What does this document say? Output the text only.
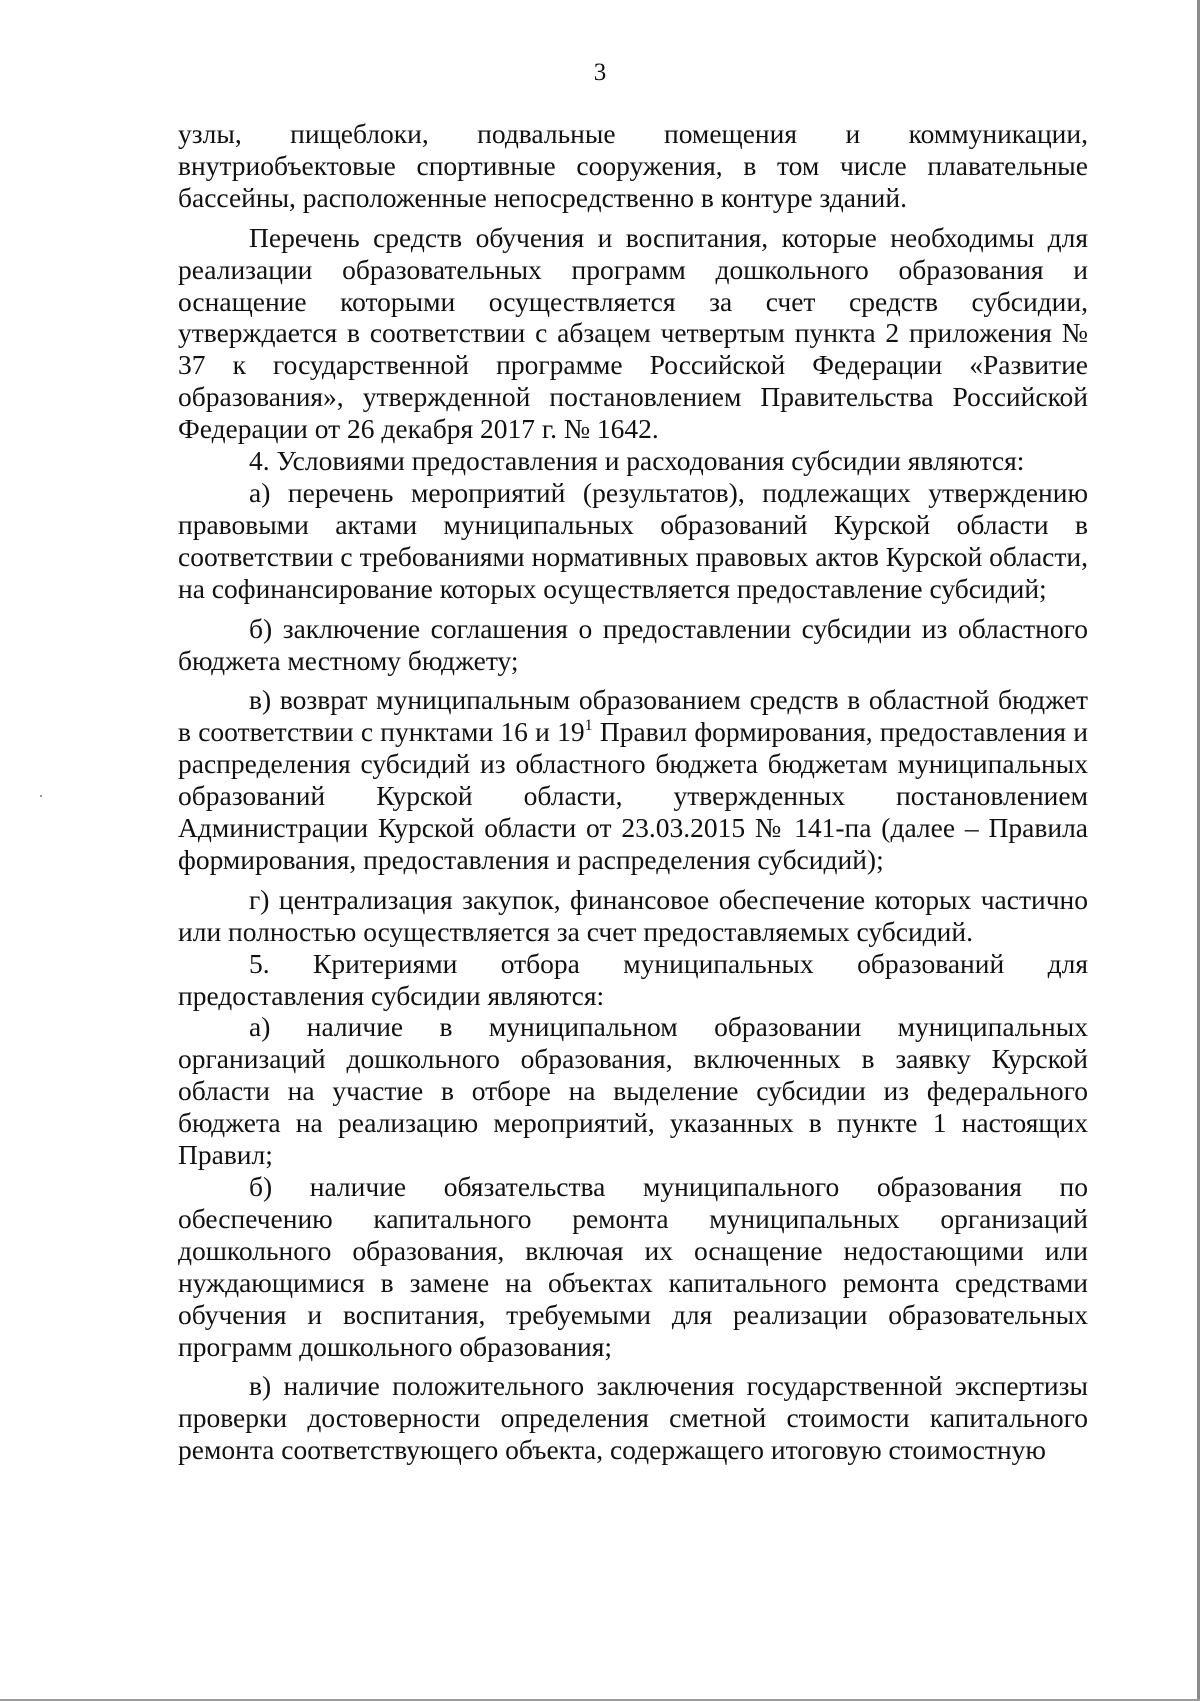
3

узлы, пищеблоки, подвальные помещения и коммуникации, внутриобъектовые спортивные сооружения, в том числе плавательные бассейны, расположенные непосредственно в контуре зданий.

Перечень средств обучения и воспитания, которые необходимы для реализации образовательных программ дошкольного образования и оснащение которыми осуществляется за счет средств субсидии, утверждается в соответствии с абзацем четвертым пункта 2 приложения № 37 к государственной программе Российской Федерации «Развитие образования», утвержденной постановлением Правительства Российской Федерации от 26 декабря 2017 г. № 1642.

4. Условиями предоставления и расходования субсидии являются:

а) перечень мероприятий (результатов), подлежащих утверждению правовыми актами муниципальных образований Курской области в соответствии с требованиями нормативных правовых актов Курской области, на софинансирование которых осуществляется предоставление субсидий;

б) заключение соглашения о предоставлении субсидии из областного бюджета местному бюджету;

в) возврат муниципальным образованием средств в областной бюджет в соответствии с пунктами 16 и $19^1$ Правил формирования, предоставления и распределения субсидий из областного бюджета бюджетам муниципальных образований Курской области, утвержденных постановлением Администрации Курской области от 23.03.2015 № 141-па (далее – Правила формирования, предоставления и распределения субсидий);

г) централизация закупок, финансовое обеспечение которых частично или полностью осуществляется за счет предоставляемых субсидий.

5. Критериями отбора муниципальных образований для предоставления субсидии являются:

а) наличие в муниципальном образовании муниципальных организаций дошкольного образования, включенных в заявку Курской области на участие в отборе на выделение субсидии из федерального бюджета на реализацию мероприятий, указанных в пункте 1 настоящих Правил;

б) наличие обязательства муниципального образования по обеспечению капитального ремонта муниципальных организаций дошкольного образования, включая их оснащение недостающими или нуждающимися в замене на объектах капитального ремонта средствами обучения и воспитания, требуемыми для реализации образовательных программ дошкольного образования;

в) наличие положительного заключения государственной экспертизы проверки достоверности определения сметной стоимости капитального ремонта соответствующего объекта, содержащего итоговую стоимостную
